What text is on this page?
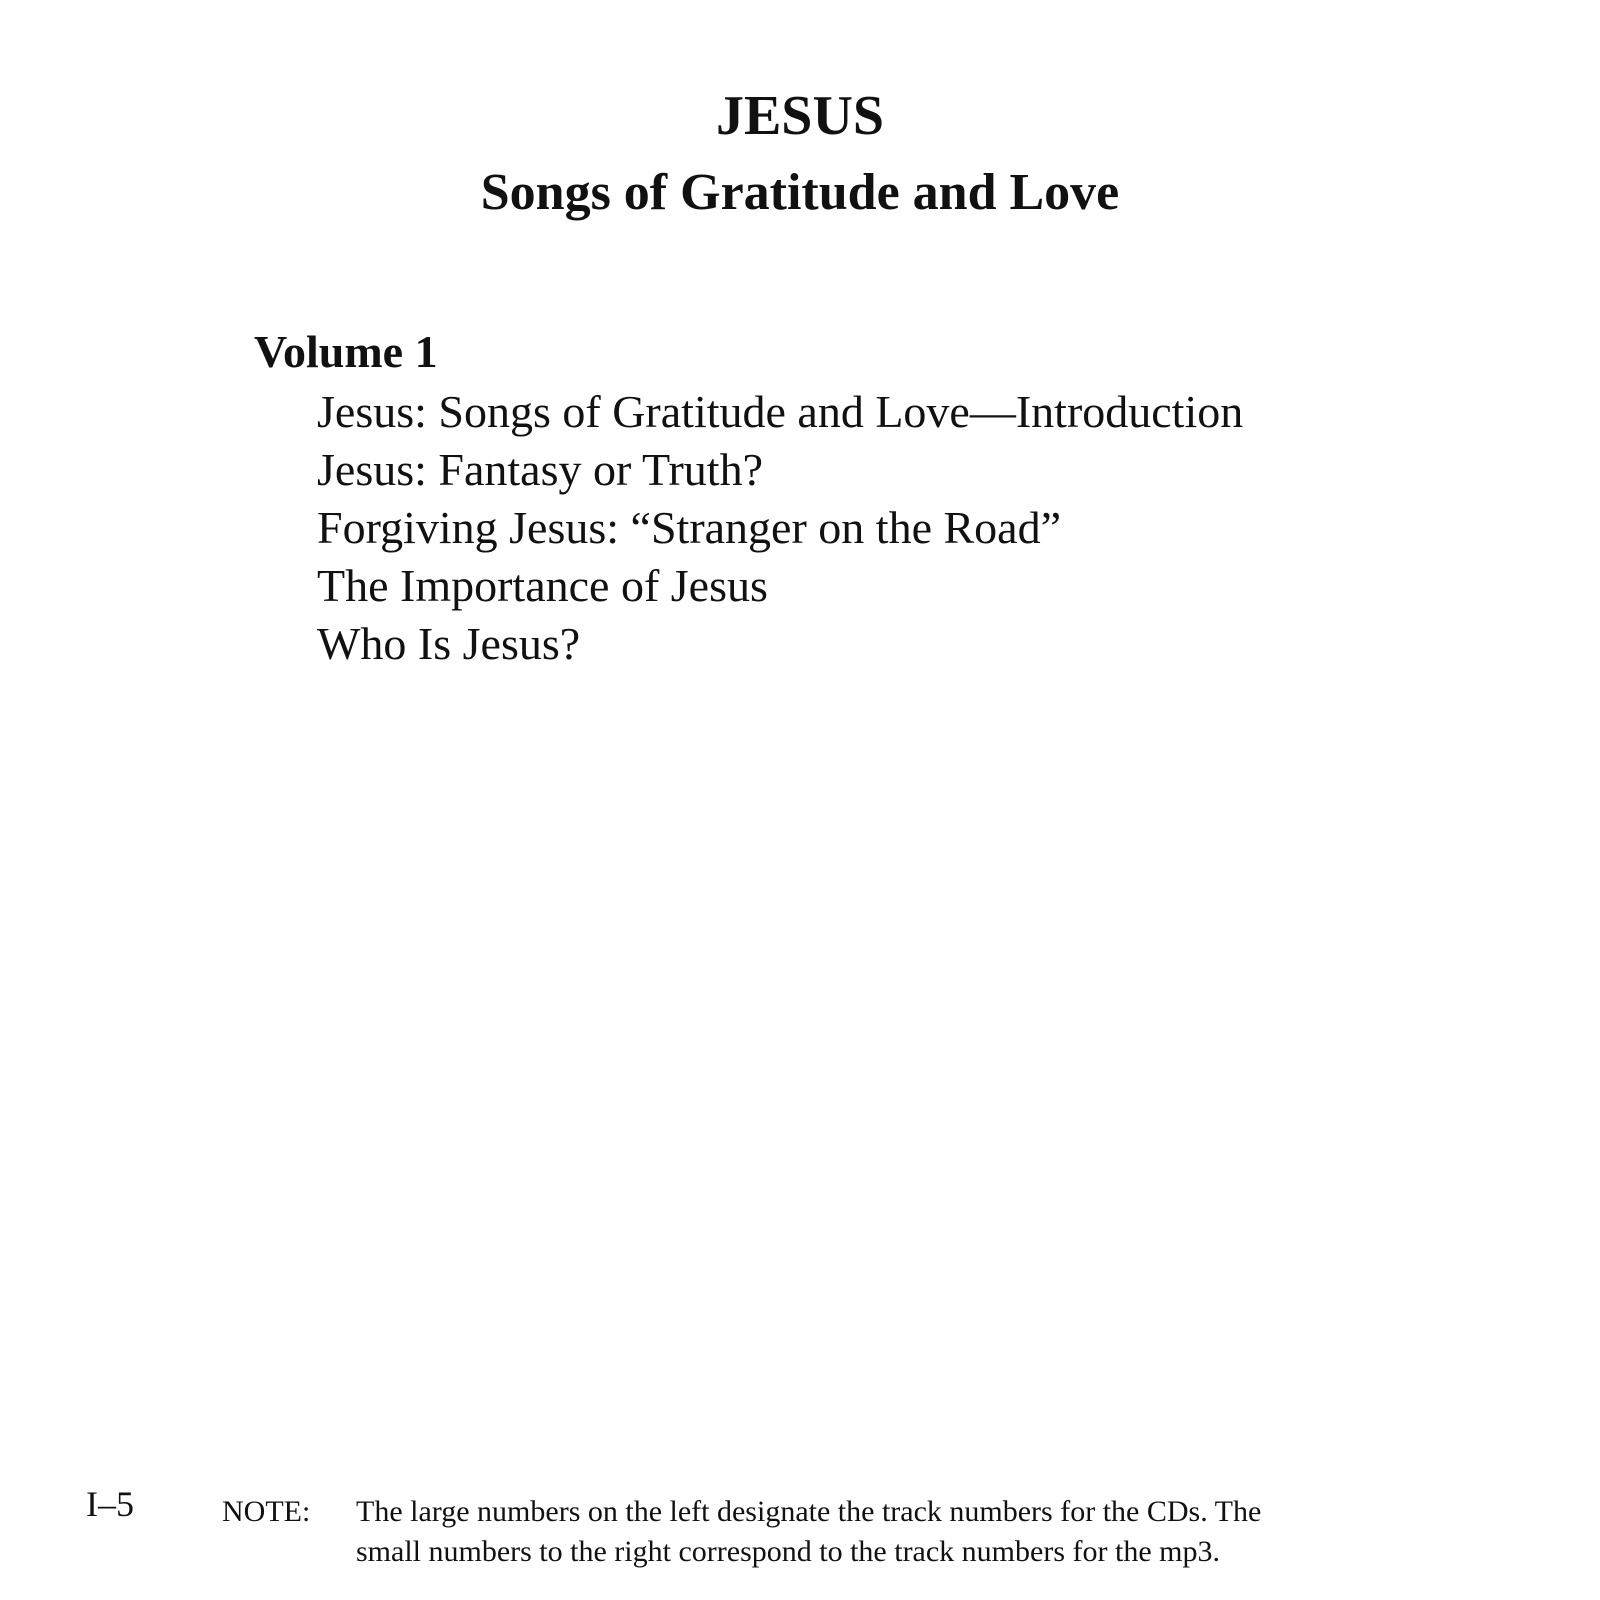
JESUS
Songs of Gratitude and Love
Volume 1
Jesus: Songs of Gratitude and Love—Introduction
Jesus: Fantasy or Truth?
Forgiving Jesus: “Stranger on the Road”
The Importance of Jesus
Who Is Jesus?
I–5	NOTE: The large numbers on the left designate the track numbers for the CDs. The
small numbers to the right correspond to the track numbers for the mp3.
